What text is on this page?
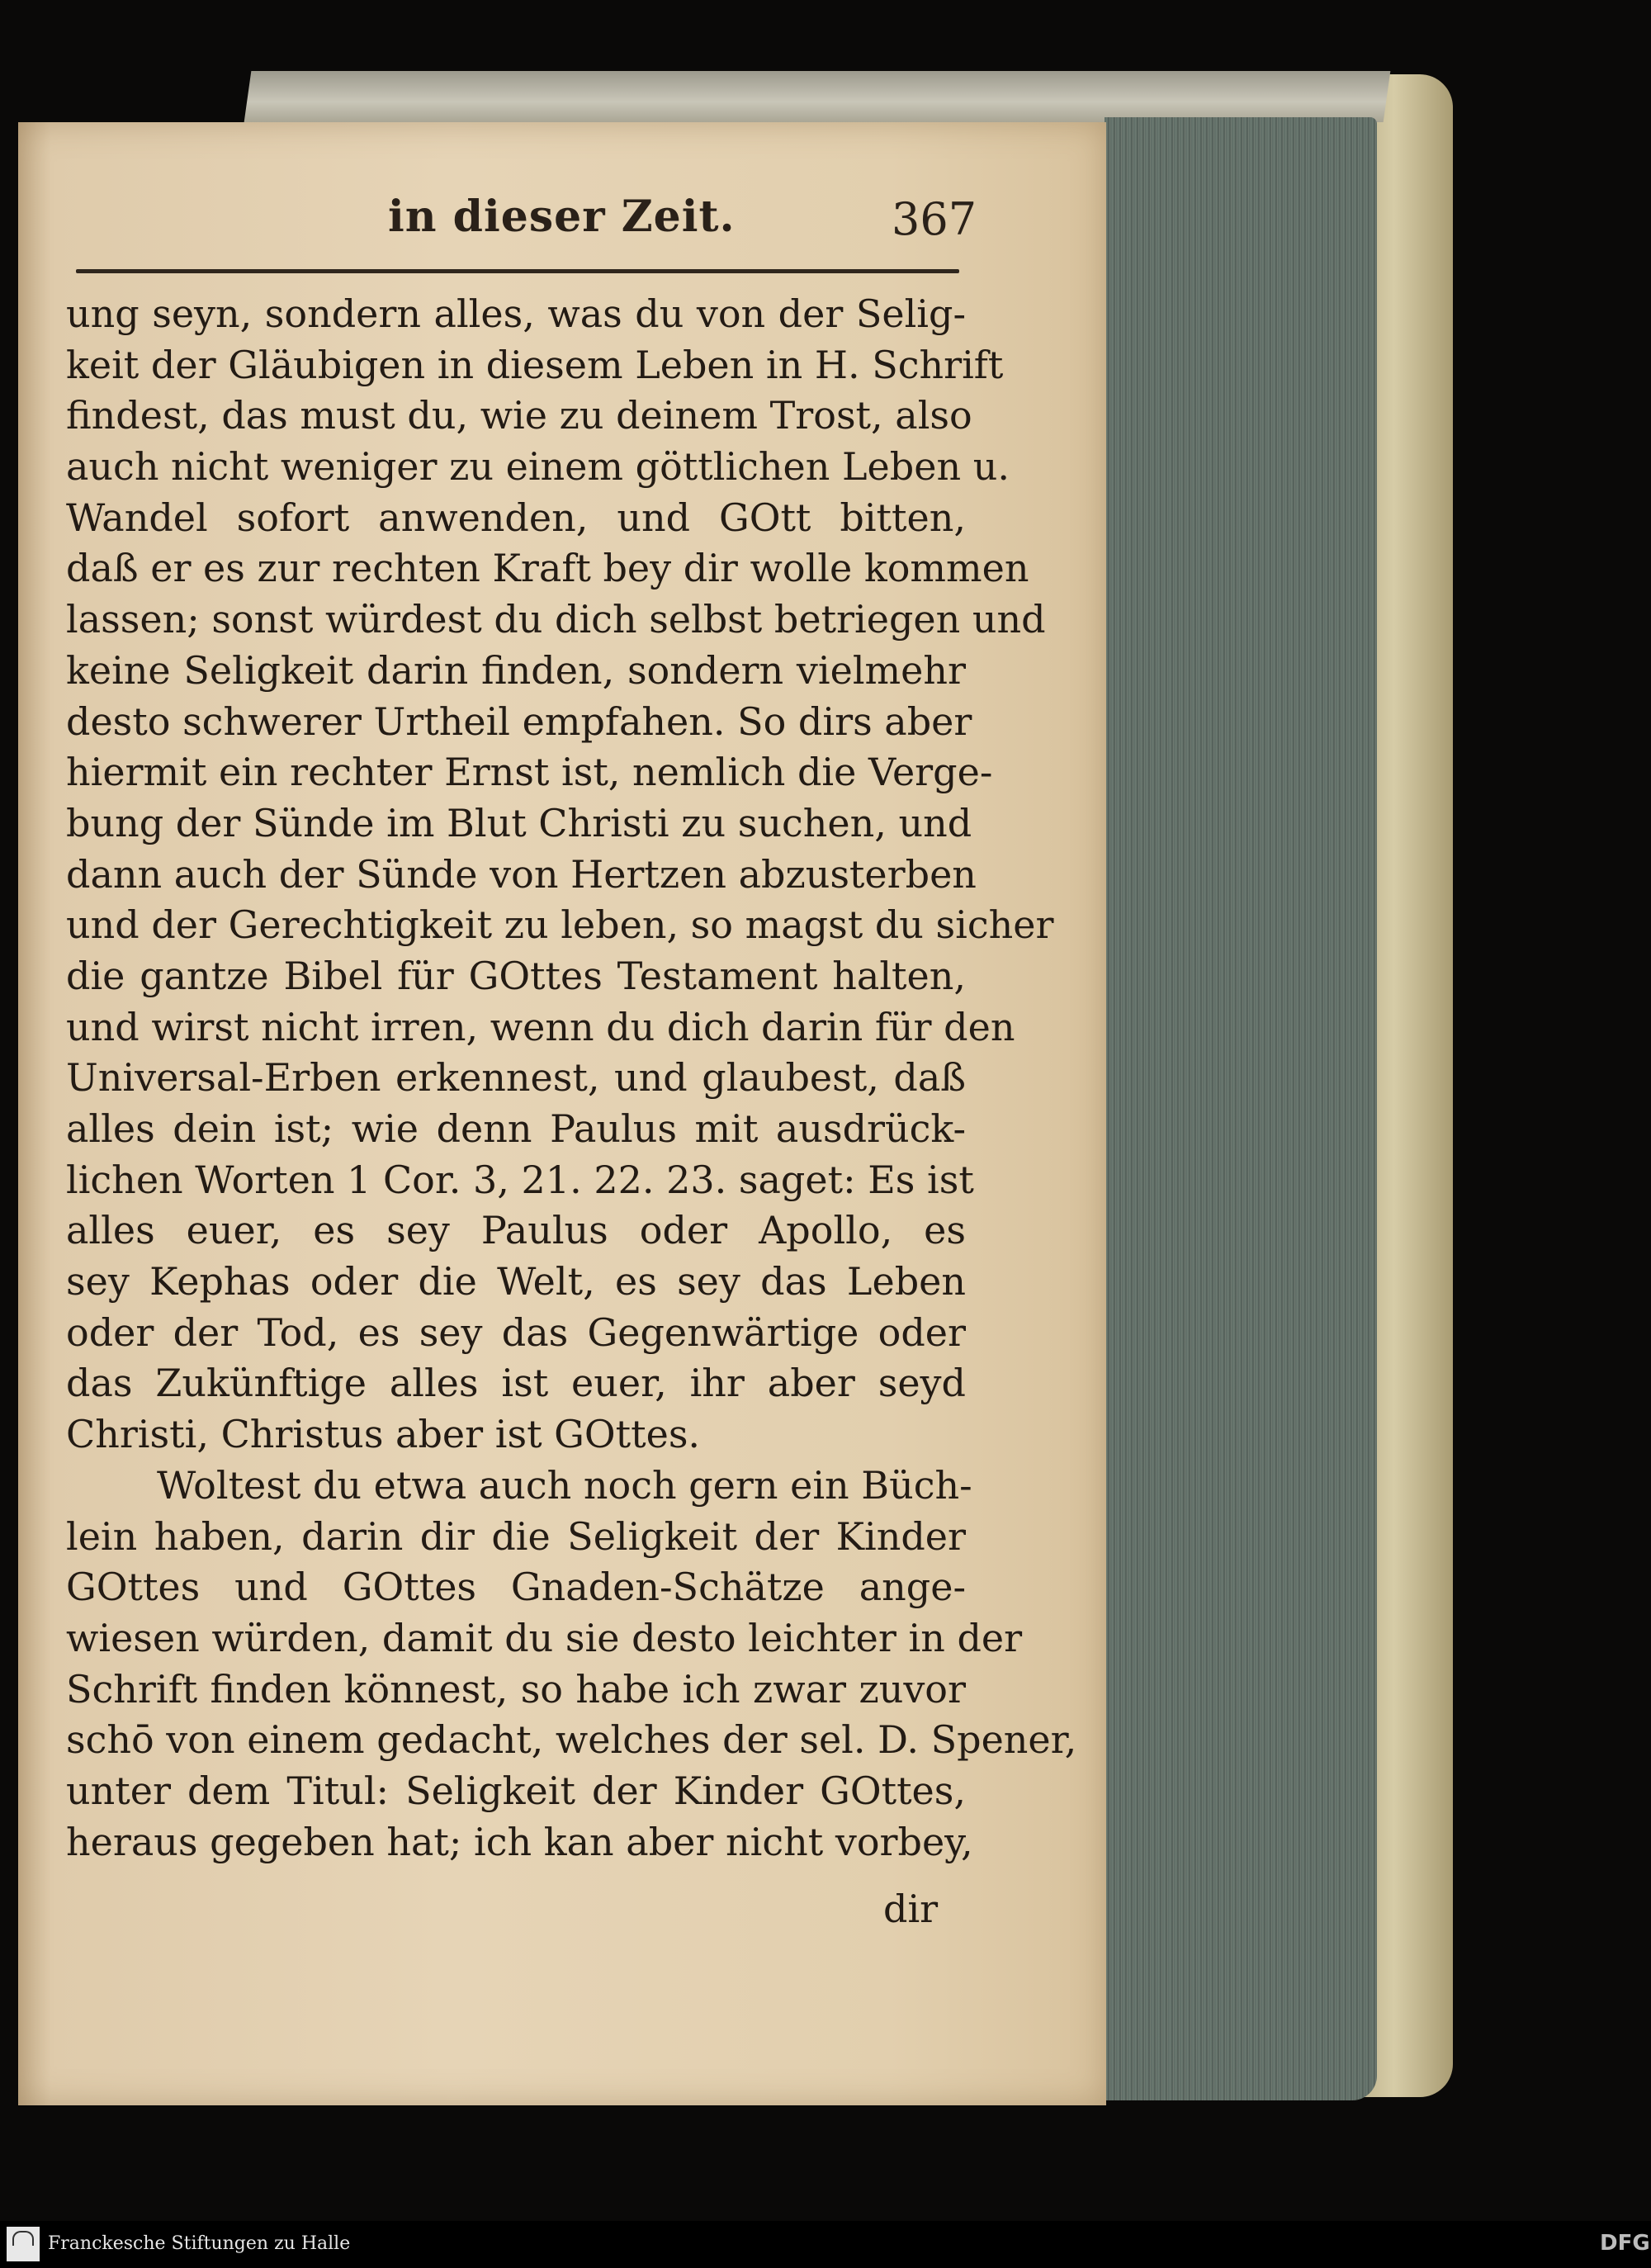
in dieser Zeit.	367
ung seyn, sondern alles, was du von der Selig-
keit der Gläubigen in diesem Leben in H. Schrift
findest, das must du, wie zu deinem Trost, also
auch nicht weniger zu einem göttlichen Leben u.
Wandel sofort anwenden, und GOtt bitten,
daß er es zur rechten Kraft bey dir wolle kommen
lassen; sonst würdest du dich selbst betriegen und
keine Seligkeit darin finden, sondern vielmehr
desto schwerer Urtheil empfahen. So dirs aber
hiermit ein rechter Ernst ist, nemlich die Verge-
bung der Sünde im Blut Christi zu suchen, und
dann auch der Sünde von Hertzen abzusterben
und der Gerechtigkeit zu leben, so magst du sicher
die gantze Bibel für GOttes Testament halten,
und wirst nicht irren, wenn du dich darin für den
Universal-Erben erkennest, und glaubest, daß
alles dein ist; wie denn Paulus mit ausdrück-
lichen Worten 1 Cor. 3, 21. 22. 23. saget: Es ist
alles euer, es sey Paulus oder Apollo, es
sey Kephas oder die Welt, es sey das Leben
oder der Tod, es sey das Gegenwärtige oder
das Zukünftige alles ist euer, ihr aber seyd
Christi, Christus aber ist GOttes.
Woltest du etwa auch noch gern ein Büch-
lein haben, darin dir die Seligkeit der Kinder
GOttes und GOttes Gnaden-Schätze ange-
wiesen würden, damit du sie desto leichter in der
Schrift finden könnest, so habe ich zwar zuvor
schō von einem gedacht, welches der sel. D. Spener,
unter dem Titul: Seligkeit der Kinder GOttes,
heraus gegeben hat; ich kan aber nicht vorbey,
dir
Franckesche Stiftungen zu Halle	DFG
